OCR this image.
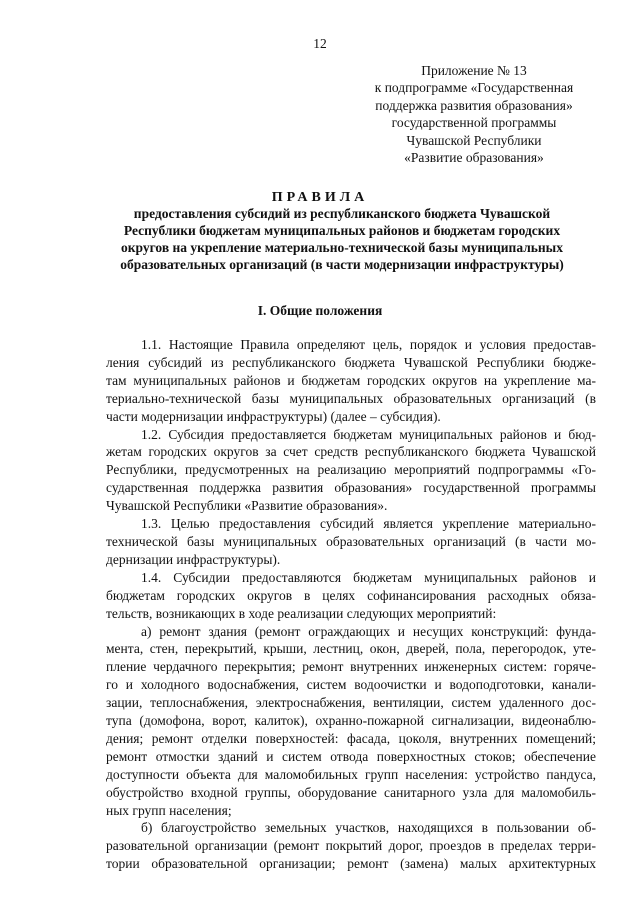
12
Приложение № 13
к подпрограмме «Государственная
поддержка развития образования»
государственной программы
Чувашской Республики
«Развитие образования»
ПРАВИЛА
предоставления субсидий из республиканского бюджета Чувашской
Республики бюджетам муниципальных районов и бюджетам городских
округов на укрепление материально-технической базы муниципальных
образовательных организаций (в части модернизации инфраструктуры)
I. Общие положения
1.1. Настоящие Правила определяют цель, порядок и условия предостав-
ления субсидий из республиканского бюджета Чувашской Республики бюдже-
там муниципальных районов и бюджетам городских округов на укрепление ма-
териально-технической базы муниципальных образовательных организаций (в
части модернизации инфраструктуры) (далее – субсидия).
1.2. Субсидия предоставляется бюджетам муниципальных районов и бюд-
жетам городских округов за счет средств республиканского бюджета Чувашской
Республики, предусмотренных на реализацию мероприятий подпрограммы «Го-
сударственная поддержка развития образования» государственной программы
Чувашской Республики «Развитие образования».
1.3. Целью предоставления субсидий является укрепление материально-
технической базы муниципальных образовательных организаций (в части мо-
дернизации инфраструктуры).
1.4. Субсидии предоставляются бюджетам муниципальных районов и
бюджетам городских округов в целях софинансирования расходных обяза-
тельств, возникающих в ходе реализации следующих мероприятий:
а) ремонт здания (ремонт ограждающих и несущих конструкций: фунда-
мента, стен, перекрытий, крыши, лестниц, окон, дверей, пола, перегородок, уте-
пление чердачного перекрытия; ремонт внутренних инженерных систем: горяче-
го и холодного водоснабжения, систем водоочистки и водоподготовки, канали-
зации, теплоснабжения, электроснабжения, вентиляции, систем удаленного дос-
тупа (домофона, ворот, калиток), охранно-пожарной сигнализации, видеонаблю-
дения; ремонт отделки поверхностей: фасада, цоколя, внутренних помещений;
ремонт отмостки зданий и систем отвода поверхностных стоков; обеспечение
доступности объекта для маломобильных групп населения: устройство пандуса,
обустройство входной группы, оборудование санитарного узла для маломобиль-
ных групп населения;
б) благоустройство земельных участков, находящихся в пользовании об-
разовательной организации (ремонт покрытий дорог, проездов в пределах терри-
тории образовательной организации; ремонт (замена) малых архитектурных
